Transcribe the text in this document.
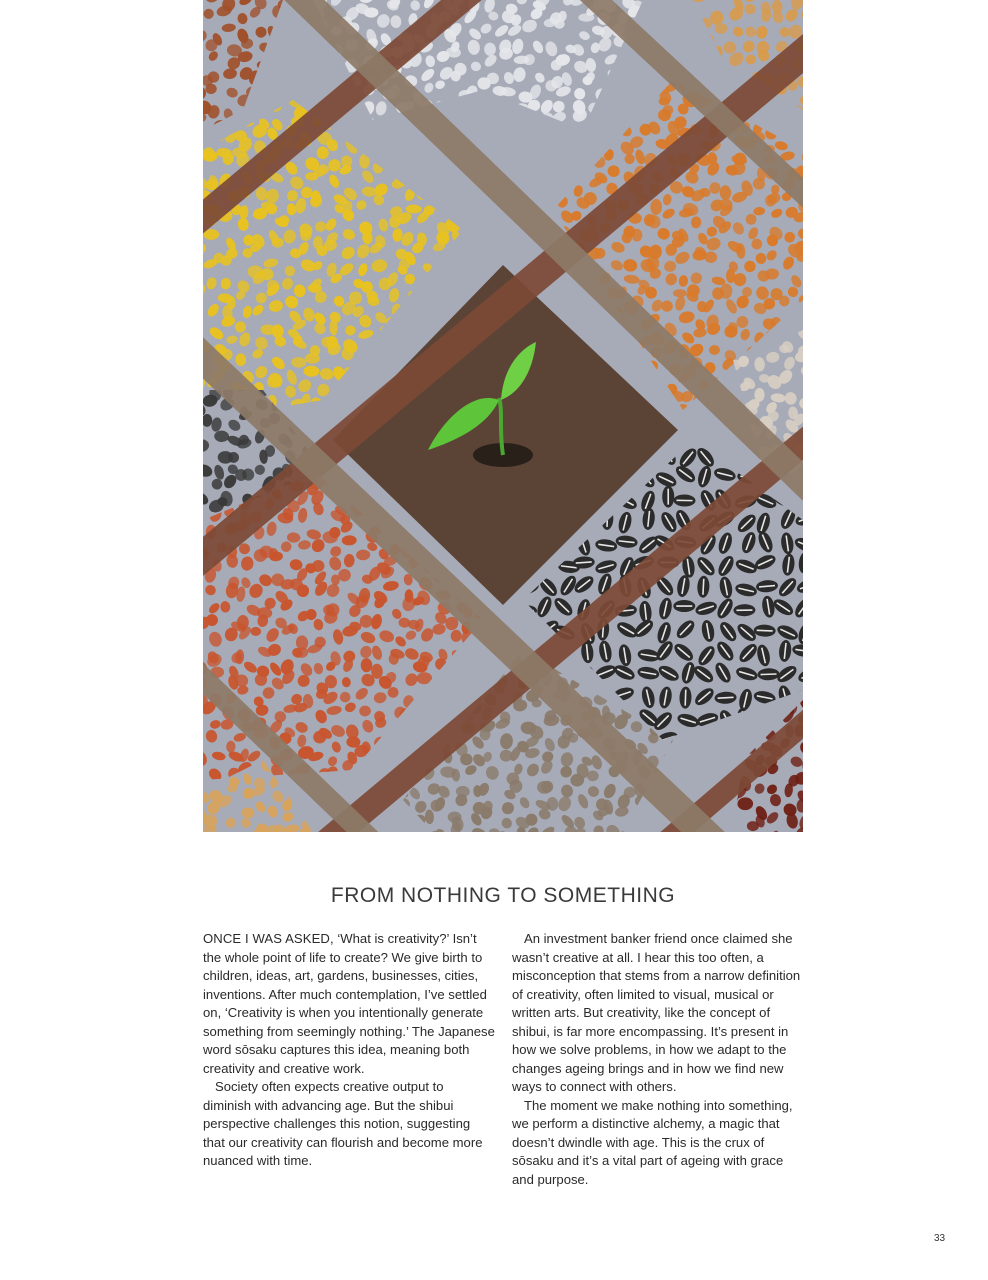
FROM NOTHING TO SOMETHING

ONCE I WAS ASKED, ‘What is creativity?’ Isn’t the whole point of life to create? We give birth to children, ideas, art, gardens, businesses, cities, inventions. After much contemplation, I’ve settled on, ‘Creativity is when you intentionally generate something from seemingly nothing.’ The Japanese word sōsaku captures this idea, meaning both creativity and creative work.

Society often expects creative output to diminish with advancing age. But the shibui perspective challenges this notion, suggesting that our creativity can flourish and become more nuanced with time.

An investment banker friend once claimed she wasn’t creative at all. I hear this too often, a misconception that stems from a narrow definition of creativity, often limited to visual, musical or written arts. But creativity, like the concept of shibui, is far more encompassing. It’s present in how we solve problems, in how we adapt to the changes ageing brings and in how we find new ways to connect with others.

The moment we make nothing into something, we perform a distinctive alchemy, a magic that doesn’t dwindle with age. This is the crux of sōsaku and it’s a vital part of ageing with grace and purpose.

33
